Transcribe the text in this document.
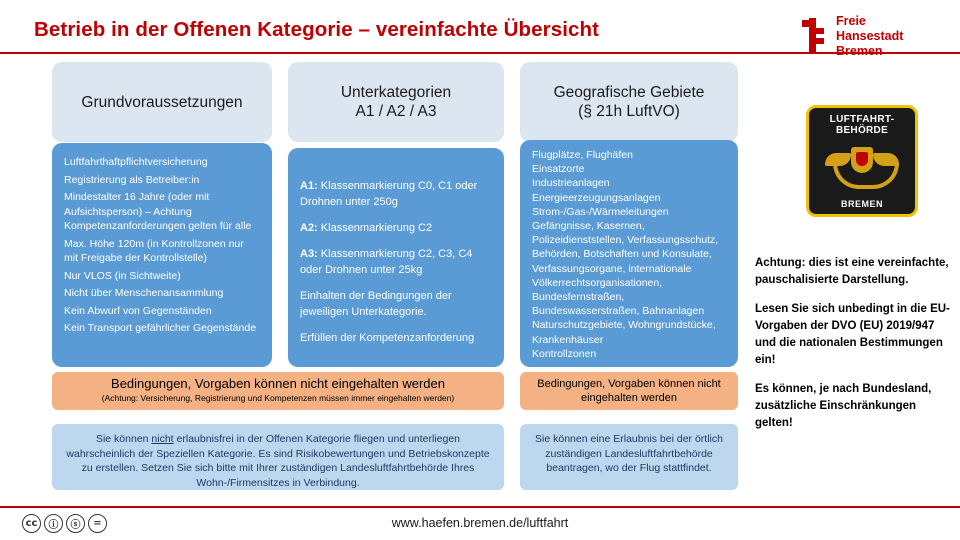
Betrieb in der Offenen Kategorie – vereinfachte Übersicht	Freie
Hansestadt
Bremen
Grundvoraussetzungen

Luftfahrthaftpflichtversicherung

Registrierung als Betreiber:in

Mindestalter 16 Jahre (oder mit Aufsichtsperson) – Achtung Kompetenzanforderungen gelten für alle

Max. Höhe 120m (in Kontrollzonen nur mit Freigabe der Kontrollstelle)

Nur VLOS (in Sichtweite)

Nicht über Menschenansammlung

Kein Abwurf von Gegenständen

Kein Transport gefährlicher Gegenstände

Unterkategorien
A1 / A2 / A3

A1: Klassenmarkierung C0, C1 oder Drohnen unter 250g

A2: Klassenmarkierung C2

A3: Klassenmarkierung C2, C3, C4 oder Drohnen unter 25kg

Einhalten der Bedingungen der jeweiligen Unterkategorie.

Erfüllen der Kompetenzanforderung

Geografische Gebiete
(§ 21h LuftVO)

Flugplätze, Flughäfen

Einsatzorte

Industrieanlagen

Energieerzeugungsanlagen

Strom-/Gas-/Wärmeleitungen

Gefängnisse, Kasernen,

Polizeidienststellen, Verfassungsschutz,

Behörden, Botschaften und Konsulate,

Verfassungsorgane, internationale

Völkerrechtsorganisationen,

Bundesfernstraßen,

Bundeswasserstraßen, Bahnanlagen

Naturschutzgebiete, Wohngrundstücke,

Krankenhäuser

Kontrollzonen

Bedingungen, Vorgaben können nicht eingehalten werden
(Achtung: Versicherung, Registrierung und Kompetenzen müssen immer eingehalten werden)
Bedingungen, Vorgaben können nicht
eingehalten werden
Sie können nicht erlaubnisfrei in der Offenen Kategorie fliegen und unterliegen wahrscheinlich der Speziellen Kategorie. Es sind Risikobewertungen und Betriebskonzepte zu erstellen. Setzen Sie sich bitte mit Ihrer zuständigen Landesluftfahrtbehörde Ihres Wohn-/Firmensitzes in Verbindung.
Sie können eine Erlaubnis bei der örtlich zuständigen Landesluftfahrtbehörde beantragen, wo der Flug stattfindet.
LUFTFAHRT-
BEHÖRDE
BREMEN

Achtung: dies ist eine vereinfachte, pauschalisierte Darstellung.

Lesen Sie sich unbedingt in die EU-Vorgaben der DVO (EU) 2019/947 und die nationalen Bestimmungen ein!

Es können, je nach Bundesland, zusätzliche Einschränkungen gelten!

cc	ⓘ	ⓢ	=	www.haefen.bremen.de/luftfahrt
